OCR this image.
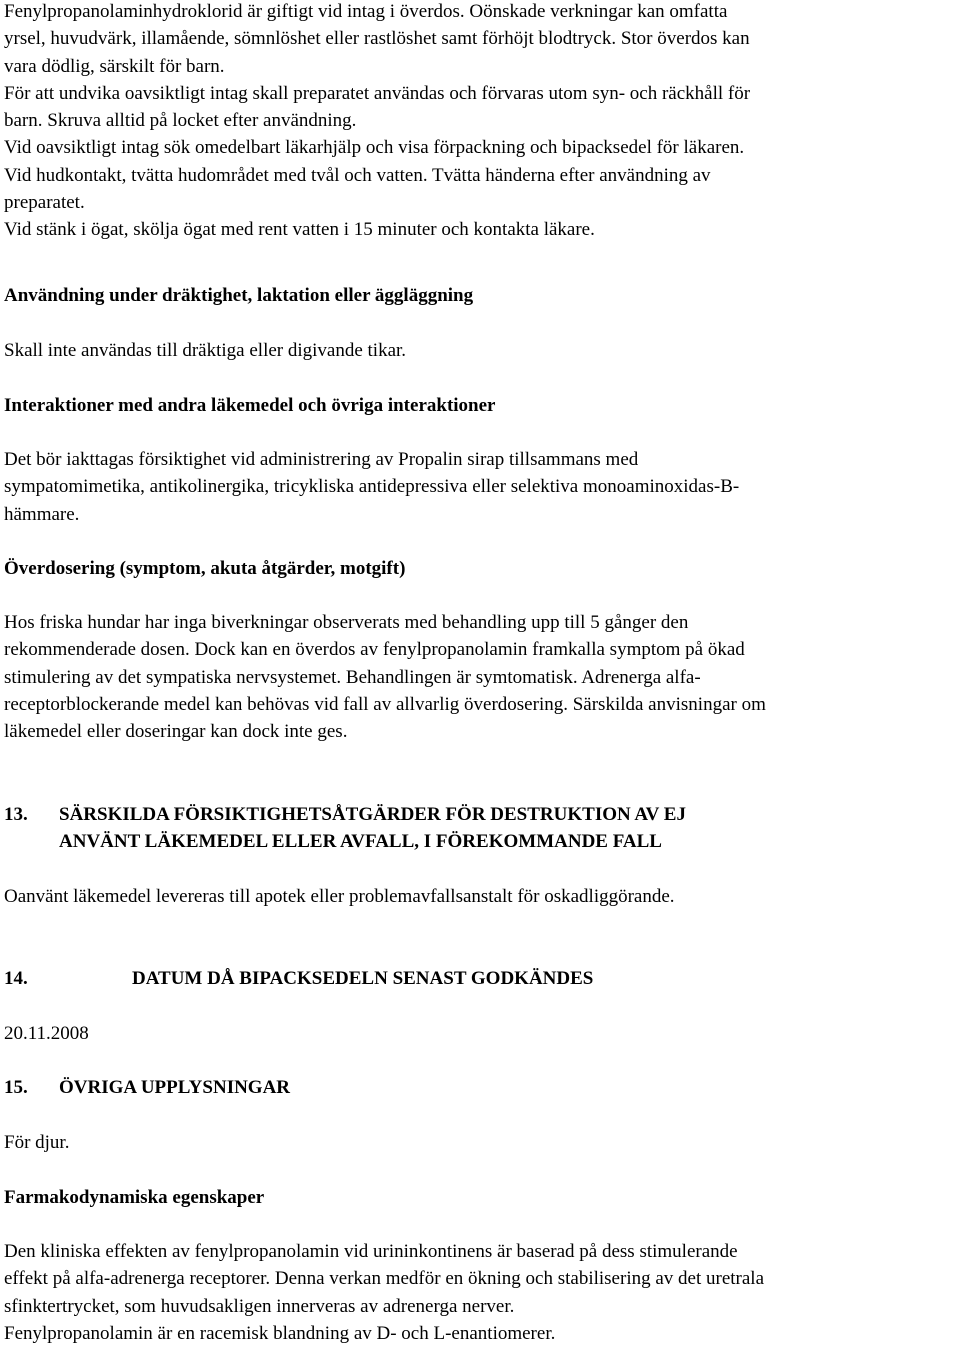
Fenylpropanolaminhydroklorid är giftigt vid intag i överdos. Oönskade verkningar kan omfatta

yrsel, huvudvärk, illamående, sömnlöshet eller rastlöshet samt förhöjt blodtryck. Stor överdos kan

vara dödlig, särskilt för barn.

För att undvika oavsiktligt intag skall preparatet användas och förvaras utom syn- och räckhåll för

barn. Skruva alltid på locket efter användning.

Vid oavsiktligt intag sök omedelbart läkarhjälp och visa förpackning och bipacksedel för läkaren.

Vid hudkontakt, tvätta hudområdet med tvål och vatten. Tvätta händerna efter användning av

preparatet.

Vid stänk i ögat, skölja ögat med rent vatten i 15 minuter och kontakta läkare.

Användning under dräktighet, laktation eller äggläggning

Skall inte användas till dräktiga eller digivande tikar.

Interaktioner med andra läkemedel och övriga interaktioner

Det bör iakttagas försiktighet vid administrering av Propalin sirap tillsammans med

sympatomimetika, antikolinergika, tricykliska antidepressiva eller selektiva monoaminoxidas-B-

hämmare.

Överdosering (symptom, akuta åtgärder, motgift)

Hos friska hundar har inga biverkningar observerats med behandling upp till 5 gånger den

rekommenderade dosen. Dock kan en överdos av fenylpropanolamin framkalla symptom på ökad

stimulering av det sympatiska nervsystemet. Behandlingen är symtomatisk. Adrenerga alfa-

receptorblockerande medel kan behövas vid fall av allvarlig överdosering. Särskilda anvisningar om

läkemedel eller doseringar kan dock inte ges.

13. SÄRSKILDA FÖRSIKTIGHETSÅTGÄRDER FÖR DESTRUKTION AV EJ

ANVÄNT LÄKEMEDEL ELLER AVFALL, I FÖREKOMMANDE FALL

Oanvänt läkemedel levereras till apotek eller problemavfallsanstalt för oskadliggörande.

14.	DATUM DÅ BIPACKSEDELN SENAST GODKÄNDES

20.11.2008

15. ÖVRIGA UPPLYSNINGAR

För djur.

Farmakodynamiska egenskaper

Den kliniska effekten av fenylpropanolamin vid urininkontinens är baserad på dess stimulerande

effekt på alfa-adrenerga receptorer. Denna verkan medför en ökning och stabilisering av det uretrala

sfinktertrycket, som huvudsakligen innerveras av adrenerga nerver.

Fenylpropanolamin är en racemisk blandning av D- och L-enantiomerer.
